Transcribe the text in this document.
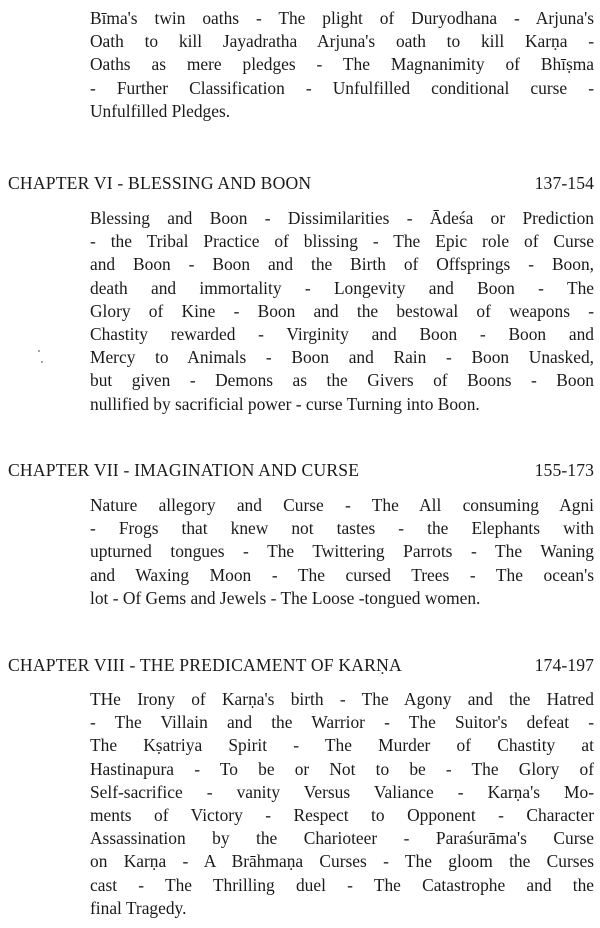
Bīma's twin oaths - The plight of Duryodhana - Arjuna's
Oath to kill Jayadratha Arjuna's oath to kill Karṇa -
Oaths as mere pledges - The Magnanimity of Bhīṣma
- Further Classification - Unfulfilled conditional curse -
Unfulfilled Pledges.
CHAPTER VI - BLESSING AND BOON	137-154
Blessing and Boon - Dissimilarities - Ādeśa or Prediction
- the Tribal Practice of blissing - The Epic role of Curse
and Boon - Boon and the Birth of Offsprings - Boon,
death and immortality - Longevity and Boon - The
Glory of Kine - Boon and the bestowal of weapons -
Chastity rewarded - Virginity and Boon - Boon and
Mercy to Animals - Boon and Rain - Boon Unasked,
but given - Demons as the Givers of Boons - Boon
nullified by sacrificial power - curse Turning into Boon.
CHAPTER VII - IMAGINATION AND CURSE	155-173
Nature allegory and Curse - The All consuming Agni
- Frogs that knew not tastes - the Elephants with
upturned tongues - The Twittering Parrots - The Waning
and Waxing Moon - The cursed Trees - The ocean's
lot - Of Gems and Jewels - The Loose -tongued women.
CHAPTER VIII - THE PREDICAMENT OF KARṆA	174-197
THe Irony of Karṇa's birth - The Agony and the Hatred
- The Villain and the Warrior - The Suitor's defeat -
The Kṣatriya Spirit - The Murder of Chastity at
Hastinapura - To be or Not to be - The Glory of
Self-sacrifice - vanity Versus Valiance - Karṇa's Mo-
ments of Victory - Respect to Opponent - Character
Assassination by the Charioteer - Paraśurāma's Curse
on Karṇa - A Brāhmaṇa Curses - The gloom the Curses
cast - The Thrilling duel - The Catastrophe and the
final Tragedy.
